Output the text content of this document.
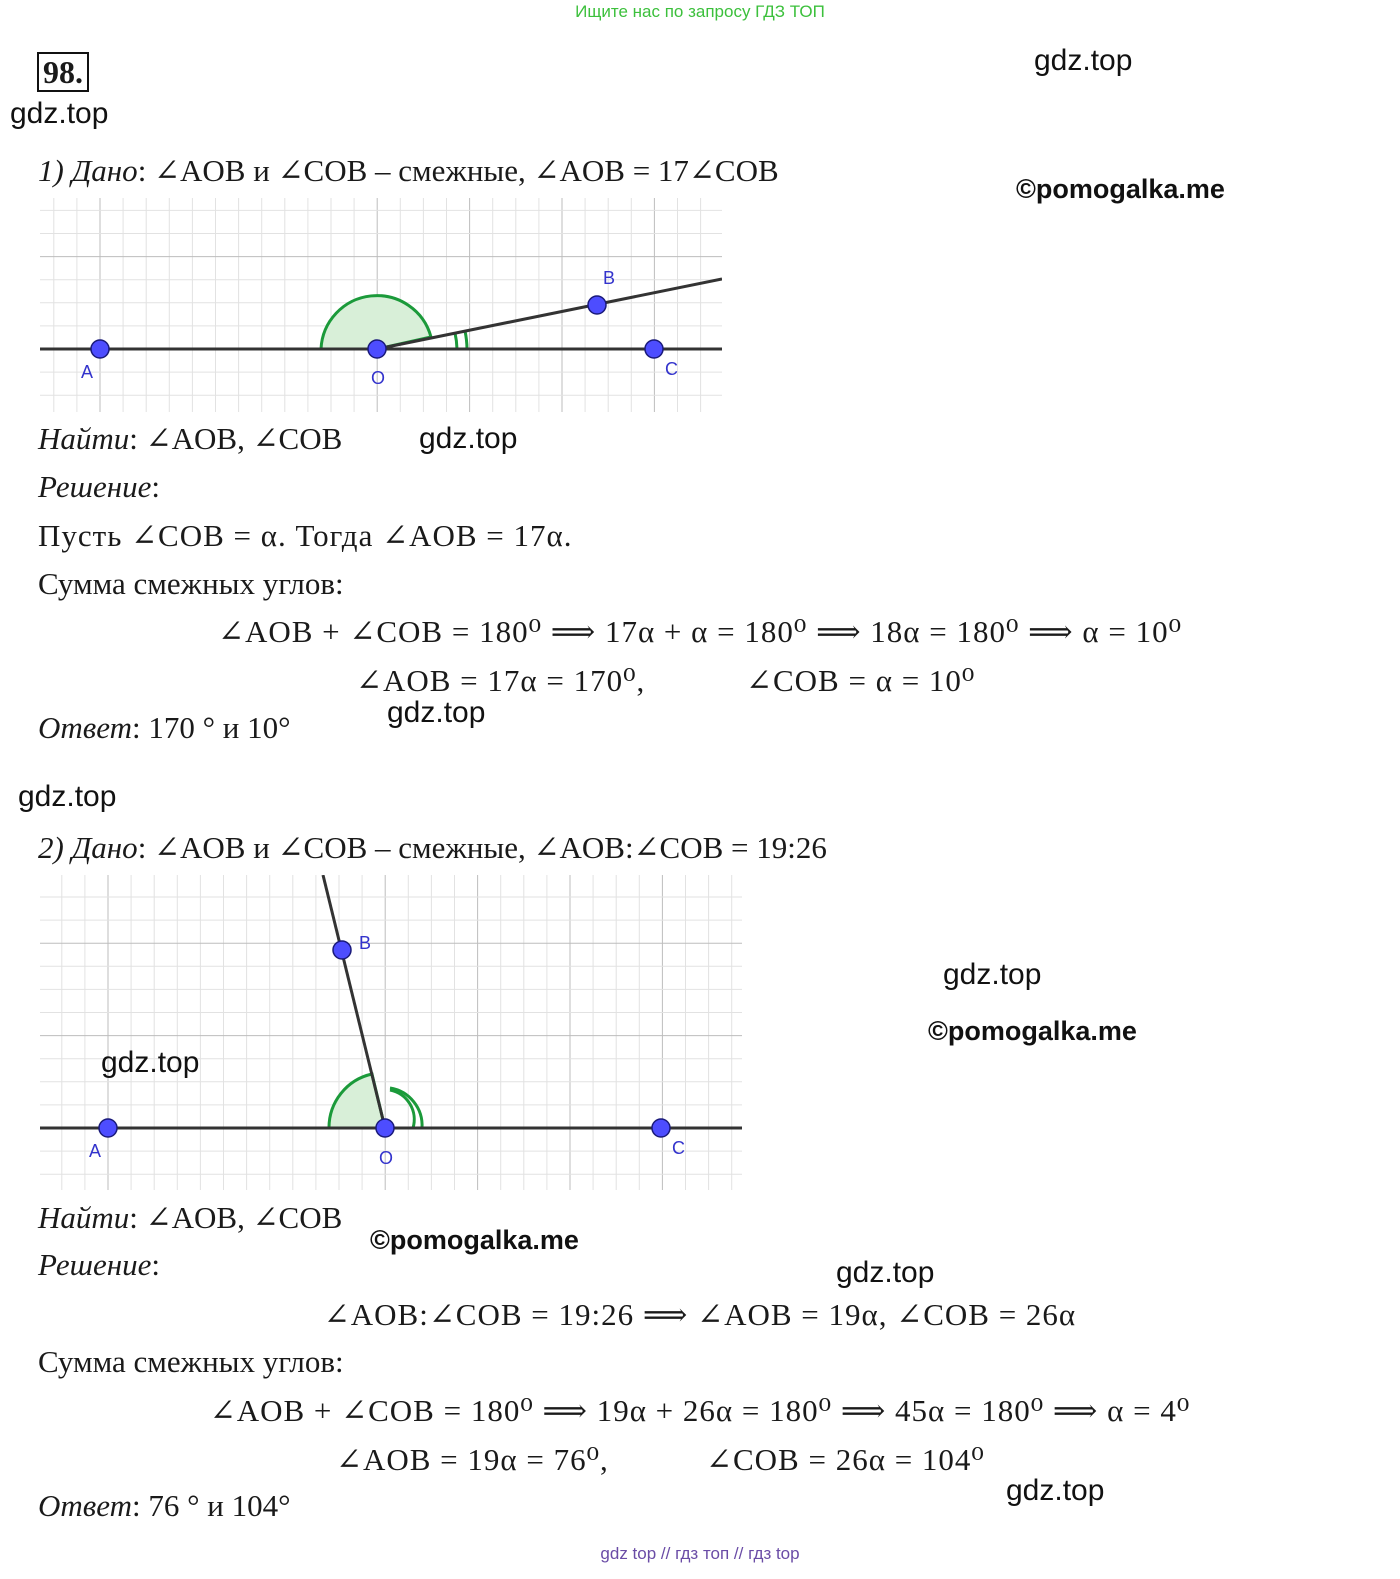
Ищите нас по запросу ГДЗ ТОП
98.
gdz.top
gdz.top
©pomogalka.me
1) Дано: ∠AOB и ∠COB – смежные, ∠AOB = 17∠COB
A	O	C
B
Найти: ∠AOB, ∠COB	gdz.top
Решение:
Пусть ∠COB = α. Тогда ∠AOB = 17α.
Сумма смежных углов:
∠AOB + ∠COB = 180⁰ ⟹ 17α + α = 180⁰ ⟹ 18α = 180⁰ ⟹ α = 10⁰
∠AOB = 17α = 170⁰,	∠COB = α = 10⁰
Ответ: 170 ° и 10°	gdz.top
gdz.top
2) Дано: ∠AOB и ∠COB – смежные, ∠AOB:∠COB = 19:26
A	O	C
B
gdz.top
©pomogalka.me
gdz.top
Найти: ∠AOB, ∠COB
©pomogalka.me
Решение:	gdz.top
∠AOB:∠COB = 19:26 ⟹ ∠AOB = 19α, ∠COB = 26α
Сумма смежных углов:
∠AOB + ∠COB = 180⁰ ⟹ 19α + 26α = 180⁰ ⟹ 45α = 180⁰ ⟹ α = 4⁰
∠AOB = 19α = 76⁰,	∠COB = 26α = 104⁰
Ответ: 76 ° и 104°	gdz.top
gdz top // гдз топ // гдз top
